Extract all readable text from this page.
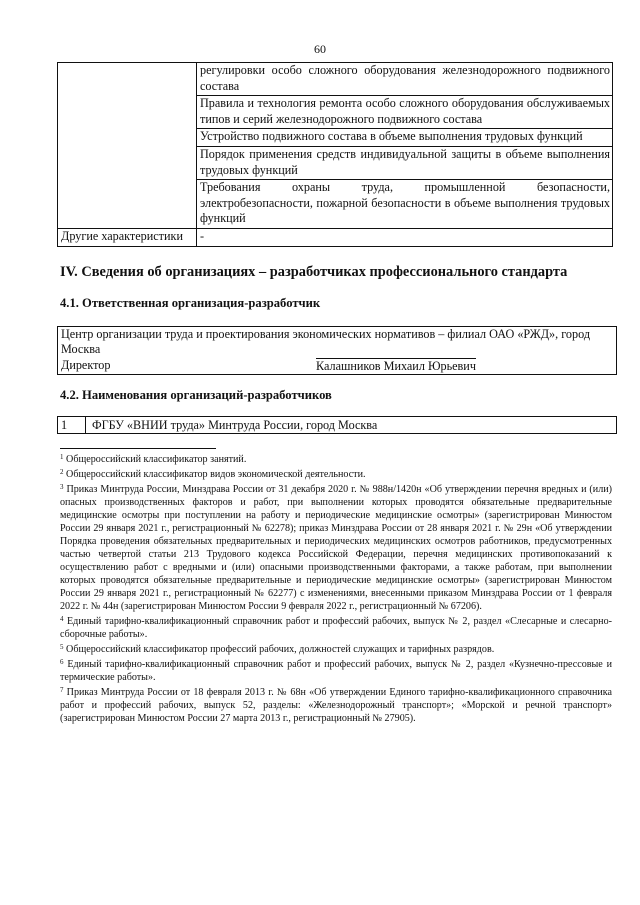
60
	регулировки особо сложного оборудования железнодорожного подвижного состава
	Правила и технология ремонта особо сложного оборудования обслуживаемых типов и серий железнодорожного подвижного состава
	Устройство подвижного состава в объеме выполнения трудовых функций
	Порядок применения средств индивидуальной защиты в объеме выполнения трудовых функций
	Требования охраны труда, промышленной безопасности, электробезопасности, пожарной безопасности в объеме выполнения трудовых функций
Другие характеристики	-
IV. Сведения об организациях – разработчиках профессионального стандарта
4.1. Ответственная организация-разработчик
Центр организации труда и проектирования экономических нормативов – филиал ОАО «РЖД», город Москва
Директор	Калашников Михаил Юрьевич
4.2. Наименования организаций-разработчиков
1	ФГБУ «ВНИИ труда» Минтруда России, город Москва

$^1$ Общероссийский классификатор занятий.

$^2$ Общероссийский классификатор видов экономической деятельности.

$^3$ Приказ Минтруда России, Минздрава России от 31 декабря 2020 г. № 988н/1420н «Об утверждении перечня вредных и (или) опасных производственных факторов и работ, при выполнении которых проводятся обязательные предварительные медицинские осмотры при поступлении на работу и периодические медицинские осмотры» (зарегистрирован Минюстом России 29 января 2021 г., регистрационный № 62278); приказ Минздрава России от 28 января 2021 г. № 29н «Об утверждении Порядка проведения обязательных предварительных и периодических медицинских осмотров работников, предусмотренных частью четвертой статьи 213 Трудового кодекса Российской Федерации, перечня медицинских противопоказаний к осуществлению работ с вредными и (или) опасными производственными факторами, а также работам, при выполнении которых проводятся обязательные предварительные и периодические медицинские осмотры» (зарегистрирован Минюстом России 29 января 2021 г., регистрационный № 62277) с изменениями, внесенными приказом Минздрава России от 1 февраля 2022 г. № 44н (зарегистрирован Минюстом России 9 февраля 2022 г., регистрационный № 67206).

$^4$ Единый тарифно-квалификационный справочник работ и профессий рабочих, выпуск № 2, раздел «Слесарные и слесарно-сборочные работы».

$^5$ Общероссийский классификатор профессий рабочих, должностей служащих и тарифных разрядов.

$^6$ Единый тарифно-квалификационный справочник работ и профессий рабочих, выпуск № 2, раздел «Кузнечно-прессовые и термические работы».

$^7$ Приказ Минтруда России от 18 февраля 2013 г. № 68н «Об утверждении Единого тарифно-квалификационного справочника работ и профессий рабочих, выпуск 52, разделы: «Железнодорожный транспорт»; «Морской и речной транспорт» (зарегистрирован Минюстом России 27 марта 2013 г., регистрационный № 27905).
